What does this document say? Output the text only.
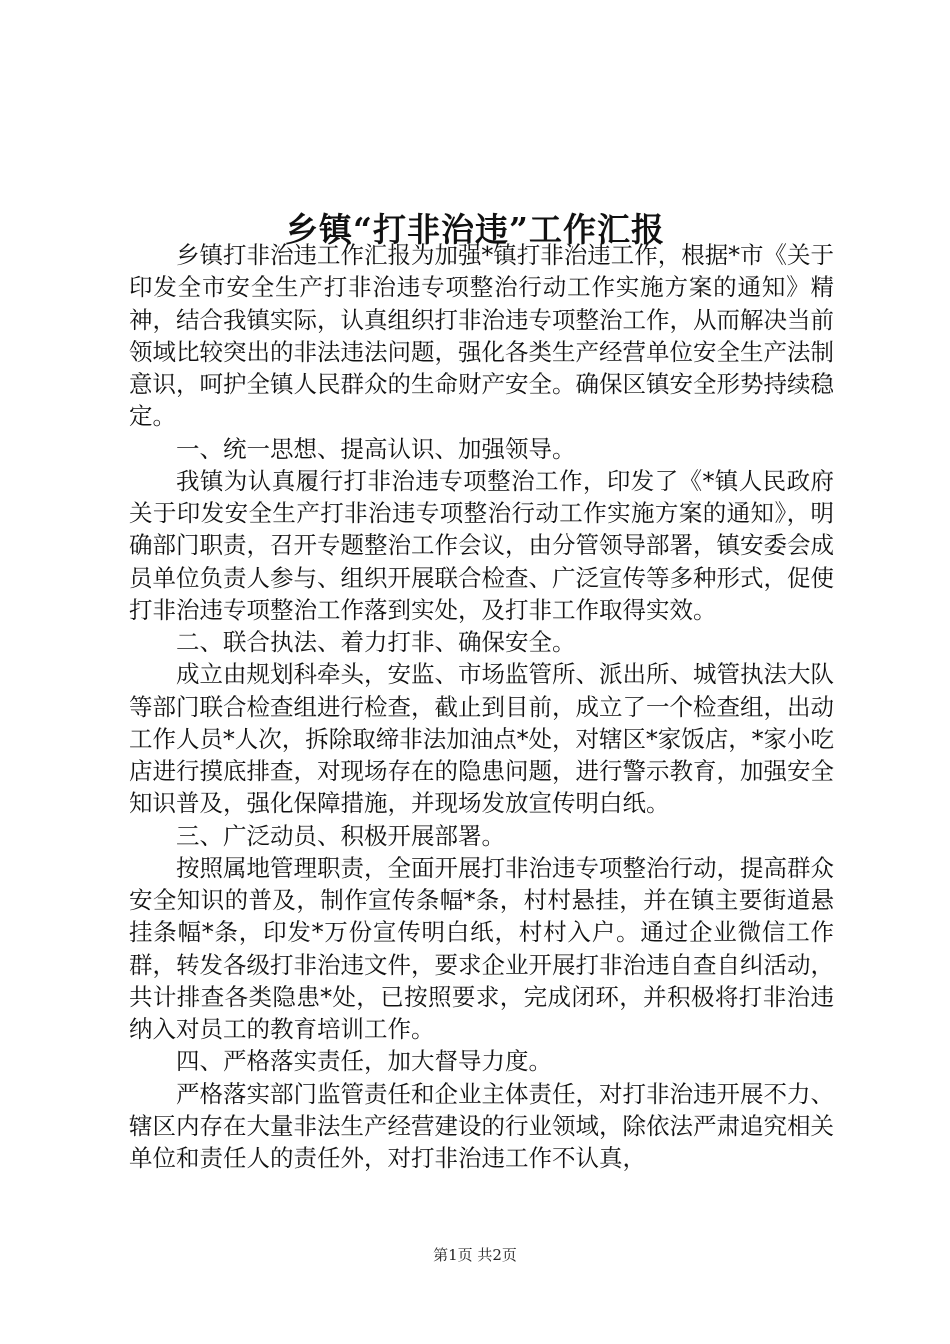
乡镇“打非治违”工作汇报

乡镇打非治违工作汇报为加强*镇打非治违工作，根据*市《关于印发全市安全生产打非治违专项整治行动工作实施方案的通知》精神，结合我镇实际，认真组织打非治违专项整治工作，从而解决当前领域比较突出的非法违法问题，强化各类生产经营单位安全生产法制意识，呵护全镇人民群众的生命财产安全。确保区镇安全形势持续稳定。

一、统一思想、提高认识、加强领导。

我镇为认真履行打非治违专项整治工作，印发了《*镇人民政府关于印发安全生产打非治违专项整治行动工作实施方案的通知》，明确部门职责，召开专题整治工作会议，由分管领导部署，镇安委会成员单位负责人参与、组织开展联合检查、广泛宣传等多种形式，促使打非治违专项整治工作落到实处，及打非工作取得实效。

二、联合执法、着力打非、确保安全。

成立由规划科牵头，安监、市场监管所、派出所、城管执法大队等部门联合检查组进行检查，截止到目前，成立了一个检查组，出动工作人员*人次，拆除取缔非法加油点*处，对辖区*家饭店，*家小吃店进行摸底排查，对现场存在的隐患问题，进行警示教育，加强安全知识普及，强化保障措施，并现场发放宣传明白纸。

三、广泛动员、积极开展部署。

按照属地管理职责，全面开展打非治违专项整治行动，提高群众安全知识的普及，制作宣传条幅*条，村村悬挂，并在镇主要街道悬挂条幅*条，印发*万份宣传明白纸，村村入户。通过企业微信工作群，转发各级打非治违文件，要求企业开展打非治违自查自纠活动，共计排查各类隐患*处，已按照要求，完成闭环，并积极将打非治违纳入对员工的教育培训工作。

四、严格落实责任，加大督导力度。

严格落实部门监管责任和企业主体责任，对打非治违开展不力、辖区内存在大量非法生产经营建设的行业领域，除依法严肃追究相关单位和责任人的责任外，对打非治违工作不认真，

第1页 共2页
